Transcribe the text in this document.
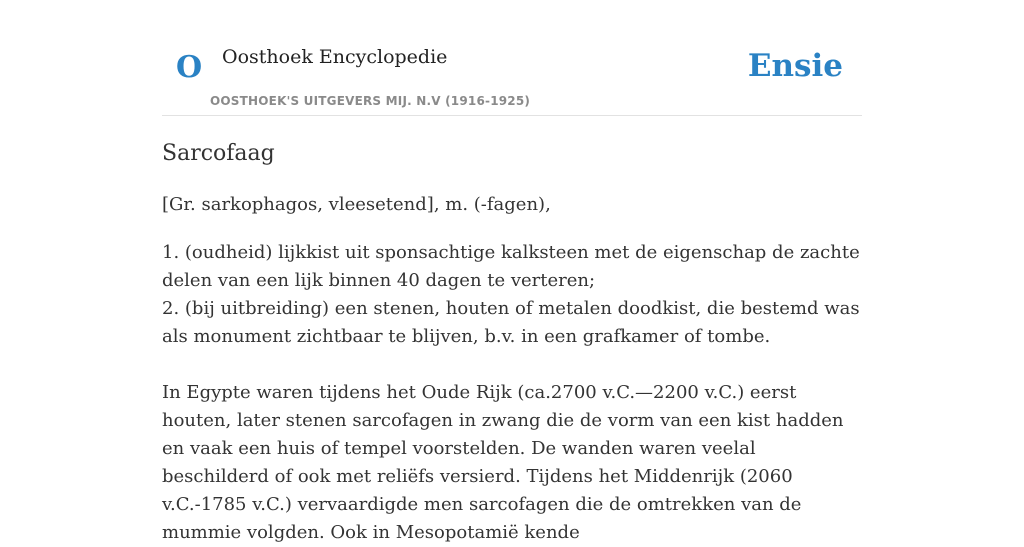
O Oosthoek Encyclopedie
OOSTHOEK'S UITGEVERS MIJ. N.V (1916-1925)
Ensie
Sarcofaag
[Gr. sarkophagos, vleesetend], m. (-fagen),

1. (oudheid) lijkkist uit sponsachtige kalksteen met de eigenschap de zachte delen van een lijk binnen 40 dagen te verteren;

2. (bij uitbreiding) een stenen, houten of metalen doodkist, die bestemd was als monument zichtbaar te blijven, b.v. in een grafkamer of tombe.

In Egypte waren tijdens het Oude Rijk (ca.2700 v.C.—2200 v.C.) eerst houten, later stenen sarcofagen in zwang die de vorm van een kist hadden en vaak een huis of tempel voorstelden. De wanden waren veelal beschilderd of ook met reliëfs versierd. Tijdens het Middenrijk (2060 v.C.-1785 v.C.) vervaardigde men sarcofagen die de omtrekken van de mummie volgden. Ook in Mesopotamië kende
